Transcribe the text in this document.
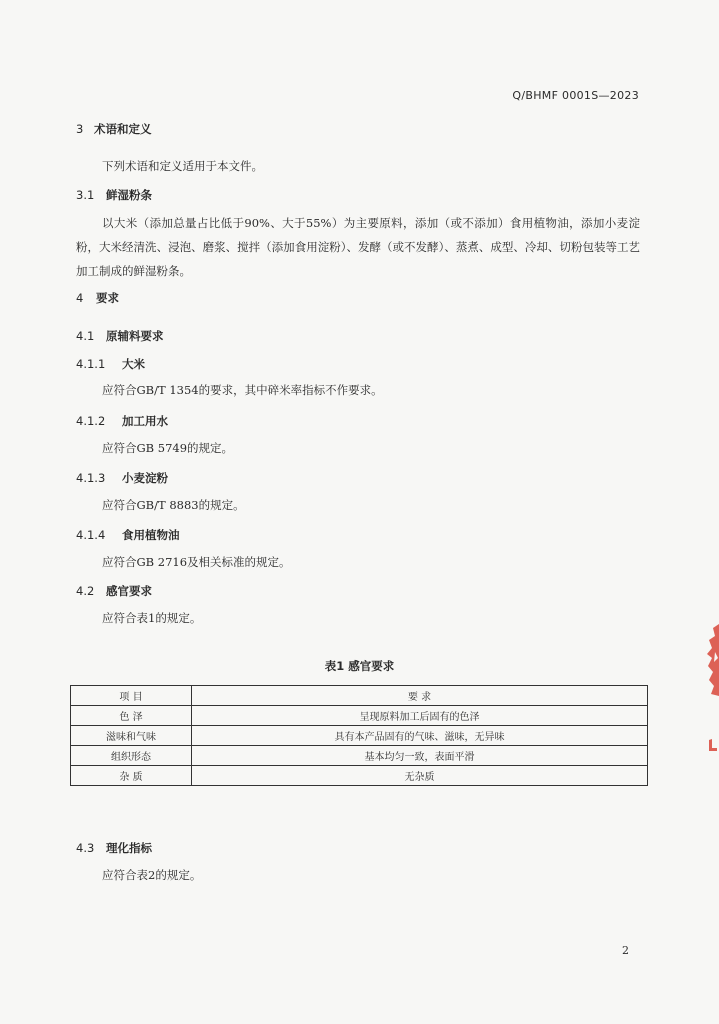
Q/BHMF 0001S—2023
3 术语和定义
下列术语和定义适用于本文件。
3.1 鲜湿粉条
以大米（添加总量占比低于90%、大于55%）为主要原料，添加（或不添加）食用植物油，添加小麦淀粉，大米经清洗、浸泡、磨浆、搅拌（添加食用淀粉）、发酵（或不发酵）、蒸煮、成型、冷却、切粉包装等工艺加工制成的鲜湿粉条。
4 要求
4.1 原辅料要求
4.1.1 大米
应符合GB/T 1354的要求，其中碎米率指标不作要求。
4.1.2 加工用水
应符合GB 5749的规定。
4.1.3 小麦淀粉
应符合GB/T 8883的规定。
4.1.4 食用植物油
应符合GB 2716及相关标准的规定。
4.2 感官要求
应符合表1的规定。
表1 感官要求
项 目	要 求
色 泽	呈现原料加工后固有的色泽
滋味和气味	具有本产品固有的气味、滋味，无异味
组织形态	基本均匀一致，表面平滑
杂 质	无杂质
4.3 理化指标
应符合表2的规定。
2
